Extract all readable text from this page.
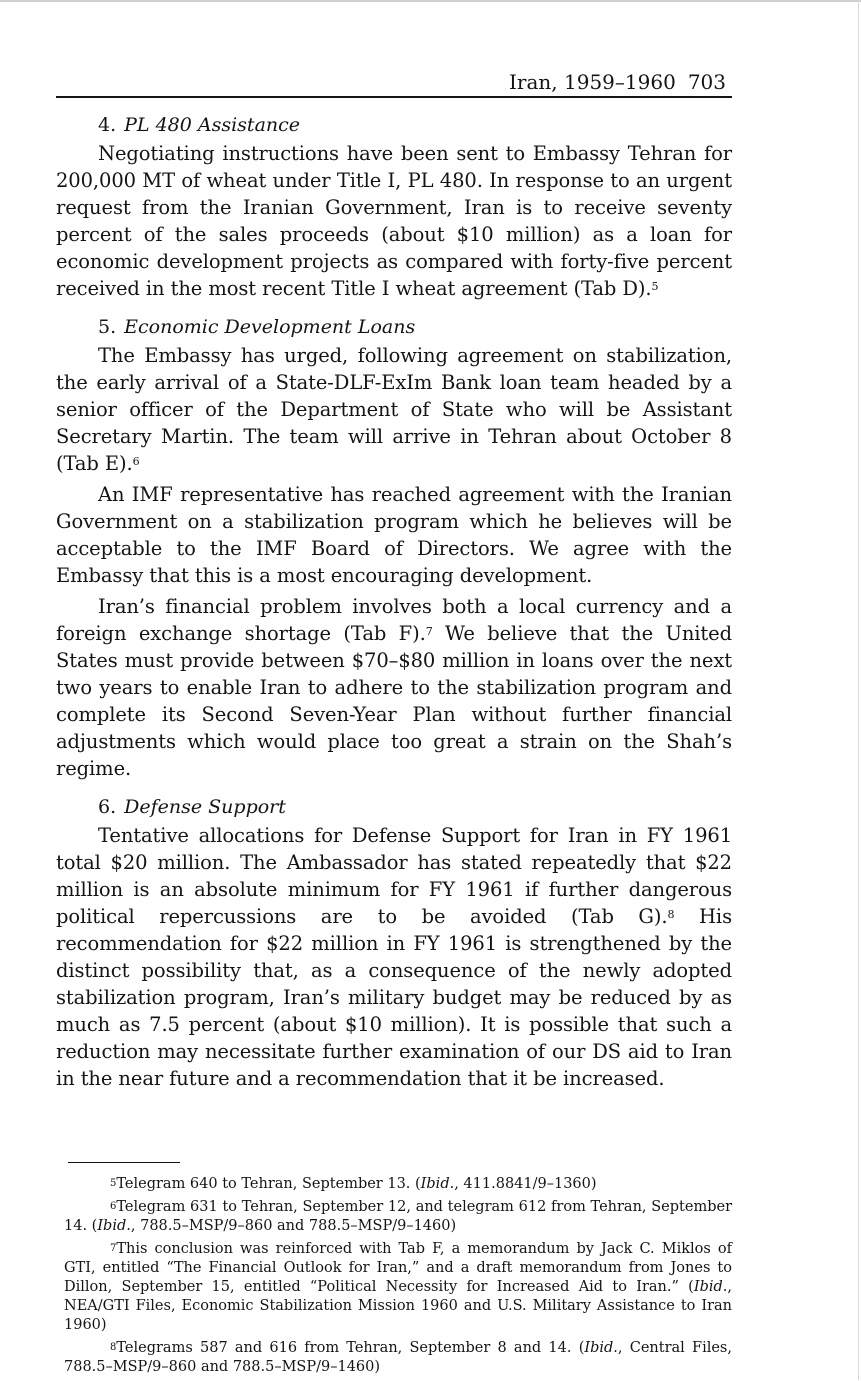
Iran, 1959–1960 703
4. PL 480 Assistance

Negotiating instructions have been sent to Embassy Tehran for 200,000 MT of wheat under Title I, PL 480. In response to an urgent request from the Iranian Government, Iran is to receive seventy percent of the sales proceeds (about $10 million) as a loan for economic development projects as compared with forty-five percent received in the most recent Title I wheat agreement (Tab D).$^5$

5. Economic Development Loans

The Embassy has urged, following agreement on stabilization, the early arrival of a State-DLF-ExIm Bank loan team headed by a senior officer of the Department of State who will be Assistant Secretary Martin. The team will arrive in Tehran about October 8 (Tab E).$^6$

An IMF representative has reached agreement with the Iranian Government on a stabilization program which he believes will be acceptable to the IMF Board of Directors. We agree with the Embassy that this is a most encouraging development.

Iran’s financial problem involves both a local currency and a foreign exchange shortage (Tab F).$^7$ We believe that the United States must provide between $70–$80 million in loans over the next two years to enable Iran to adhere to the stabilization program and complete its Second Seven-Year Plan without further financial adjustments which would place too great a strain on the Shah’s regime.

6. Defense Support

Tentative allocations for Defense Support for Iran in FY 1961 total $20 million. The Ambassador has stated repeatedly that $22 million is an absolute minimum for FY 1961 if further dangerous political repercussions are to be avoided (Tab G).$^8$ His recommendation for $22 million in FY 1961 is strengthened by the distinct possibility that, as a consequence of the newly adopted stabilization program, Iran’s military budget may be reduced by as much as 7.5 percent (about $10 million). It is possible that such a reduction may necessitate further examination of our DS aid to Iran in the near future and a recommendation that it be increased.

$^5$Telegram 640 to Tehran, September 13. (Ibid., 411.8841/9–1360)

$^6$Telegram 631 to Tehran, September 12, and telegram 612 from Tehran, September 14. (Ibid., 788.5–MSP/9–860 and 788.5–MSP/9–1460)

$^7$This conclusion was reinforced with Tab F, a memorandum by Jack C. Miklos of GTI, entitled “The Financial Outlook for Iran,” and a draft memorandum from Jones to Dillon, September 15, entitled “Political Necessity for Increased Aid to Iran.” (Ibid., NEA/GTI Files, Economic Stabilization Mission 1960 and U.S. Military Assistance to Iran 1960)

$^8$Telegrams 587 and 616 from Tehran, September 8 and 14. (Ibid., Central Files, 788.5–MSP/9–860 and 788.5–MSP/9–1460)
